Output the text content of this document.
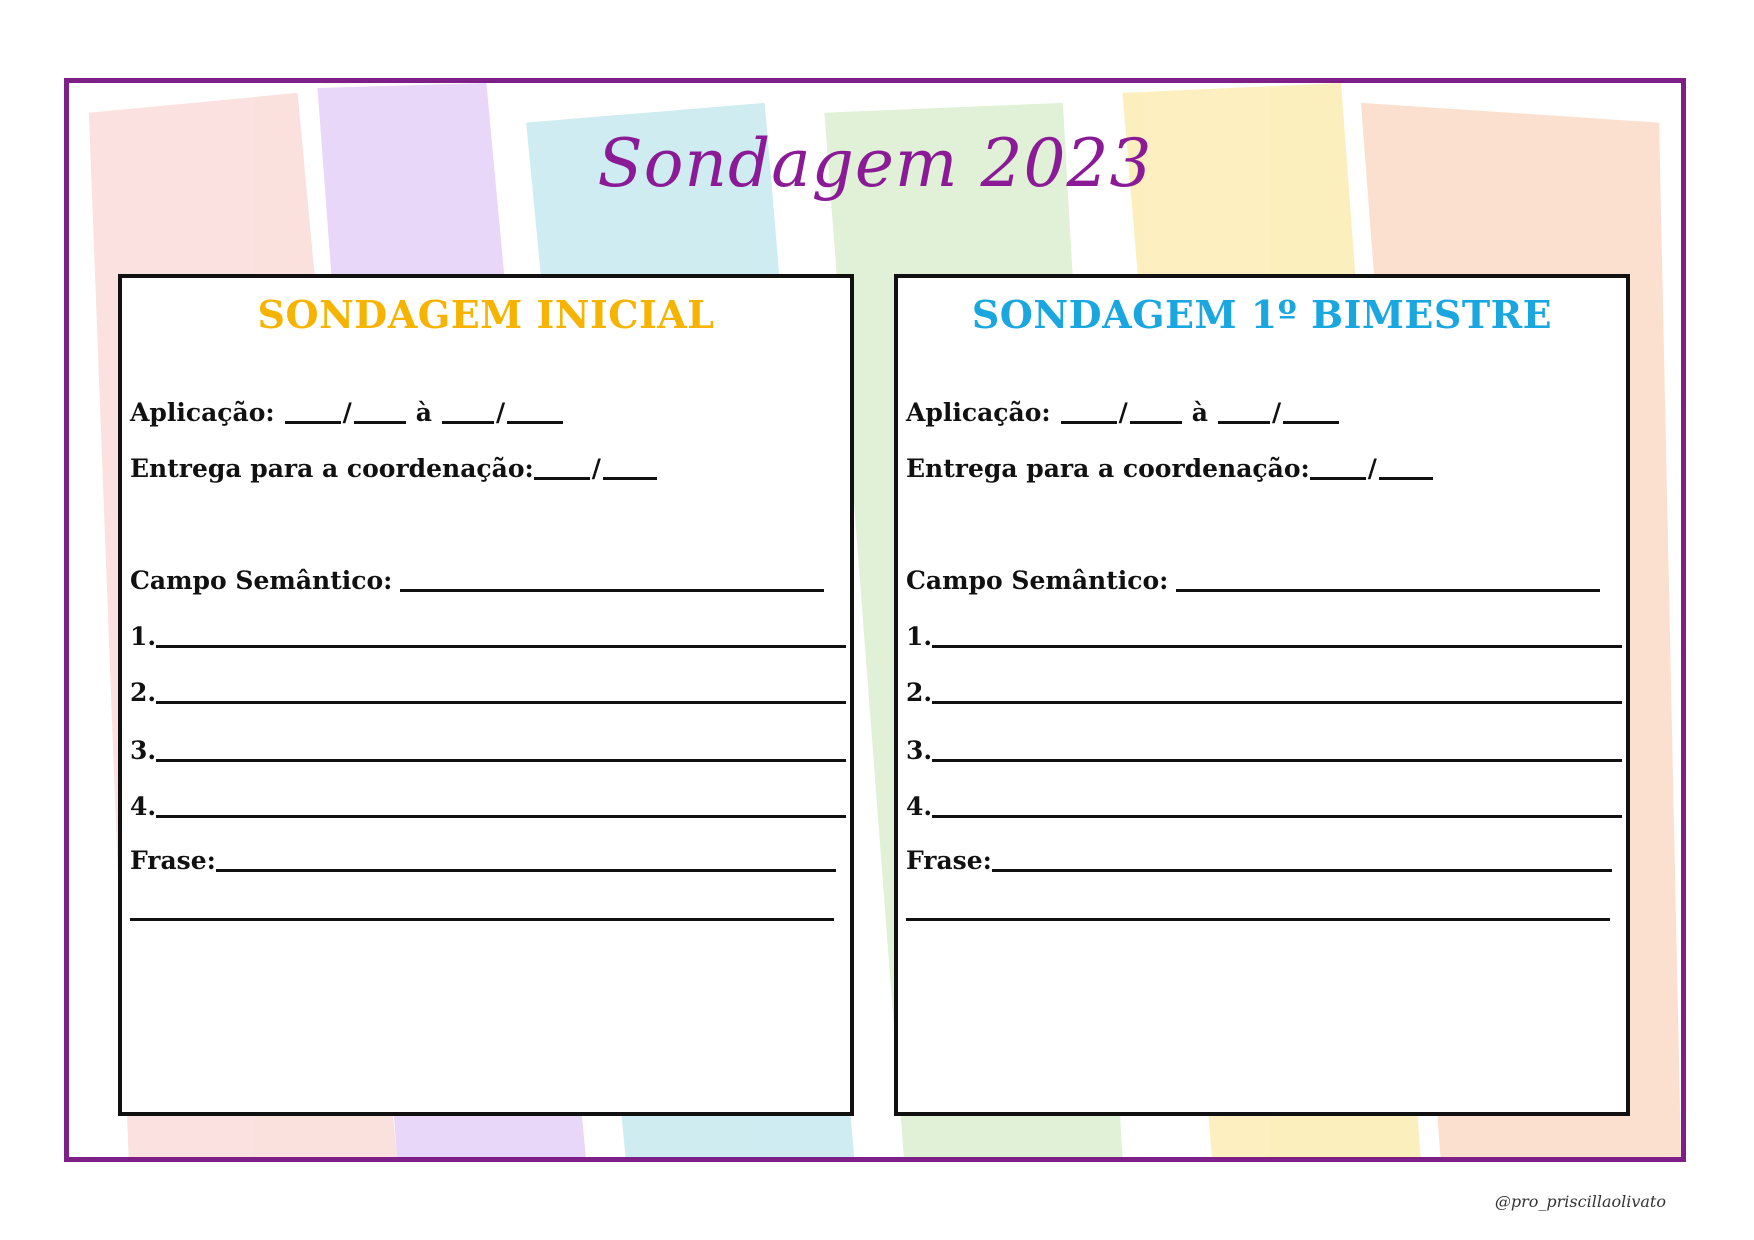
Sondagem 2023
SONDAGEM INICIAL
Aplicação:	/	à	/
Entrega para a coordenação: /
Campo Semântico:
1.
2.
3.
4.
Frase:
SONDAGEM 1º BIMESTRE
Aplicação:	/	à	/
Entrega para a coordenação: /
Campo Semântico:
1.
2.
3.
4.
Frase:
@pro_priscillaolivato
